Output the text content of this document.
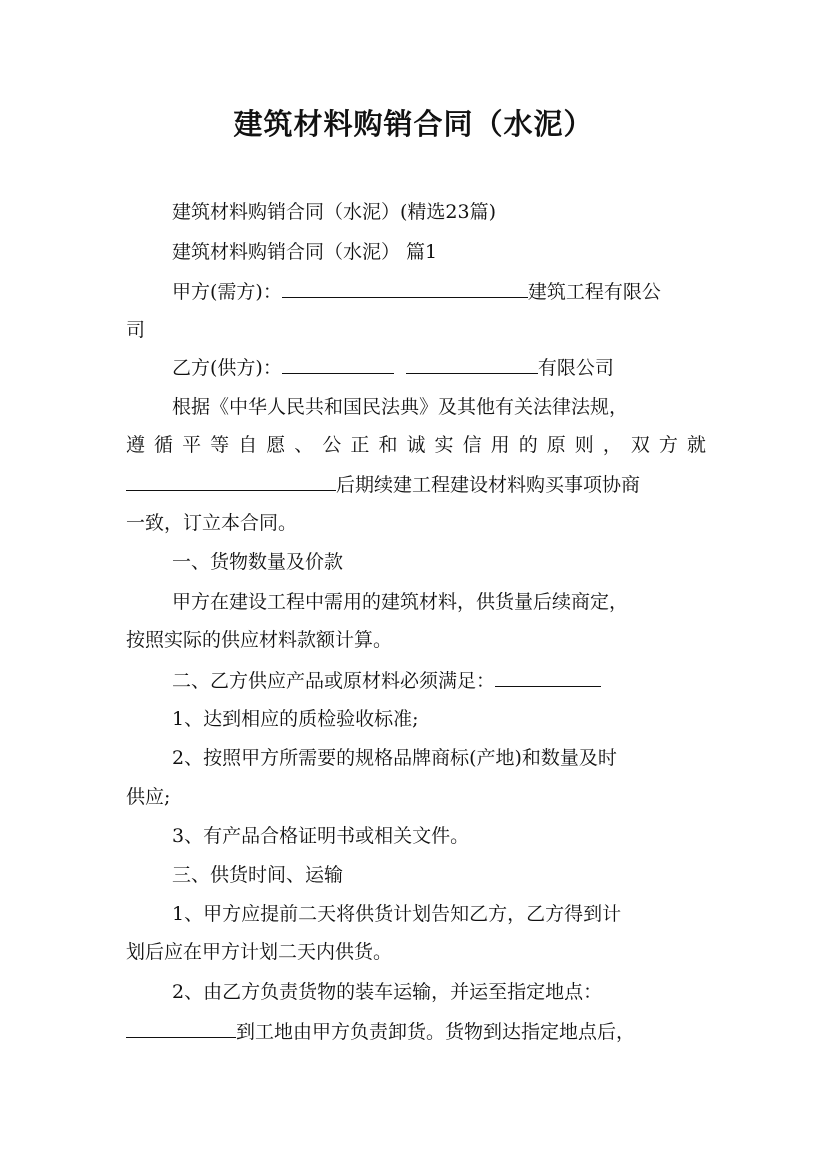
建筑材料购销合同（水泥）
建筑材料购销合同（水泥）(精选23篇)
建筑材料购销合同（水泥） 篇1
甲方(需方)：	建筑工程有限公
司
乙方(供方)：	有限公司
根据《中华人民共和国民法典》及其他有关法律法规，
遵循平等自愿、公正和诚实信用的原则，双方就
后期续建工程建设材料购买事项协商
一致，订立本合同。
一、货物数量及价款
甲方在建设工程中需用的建筑材料，供货量后续商定，
按照实际的供应材料款额计算。
二、乙方供应产品或原材料必须满足：
1、达到相应的质检验收标准;
2、按照甲方所需要的规格品牌商标(产地)和数量及时
供应;
3、有产品合格证明书或相关文件。
三、供货时间、运输
1、甲方应提前二天将供货计划告知乙方，乙方得到计
划后应在甲方计划二天内供货。
2、由乙方负责货物的装车运输，并运至指定地点：
到工地由甲方负责卸货。货物到达指定地点后，
